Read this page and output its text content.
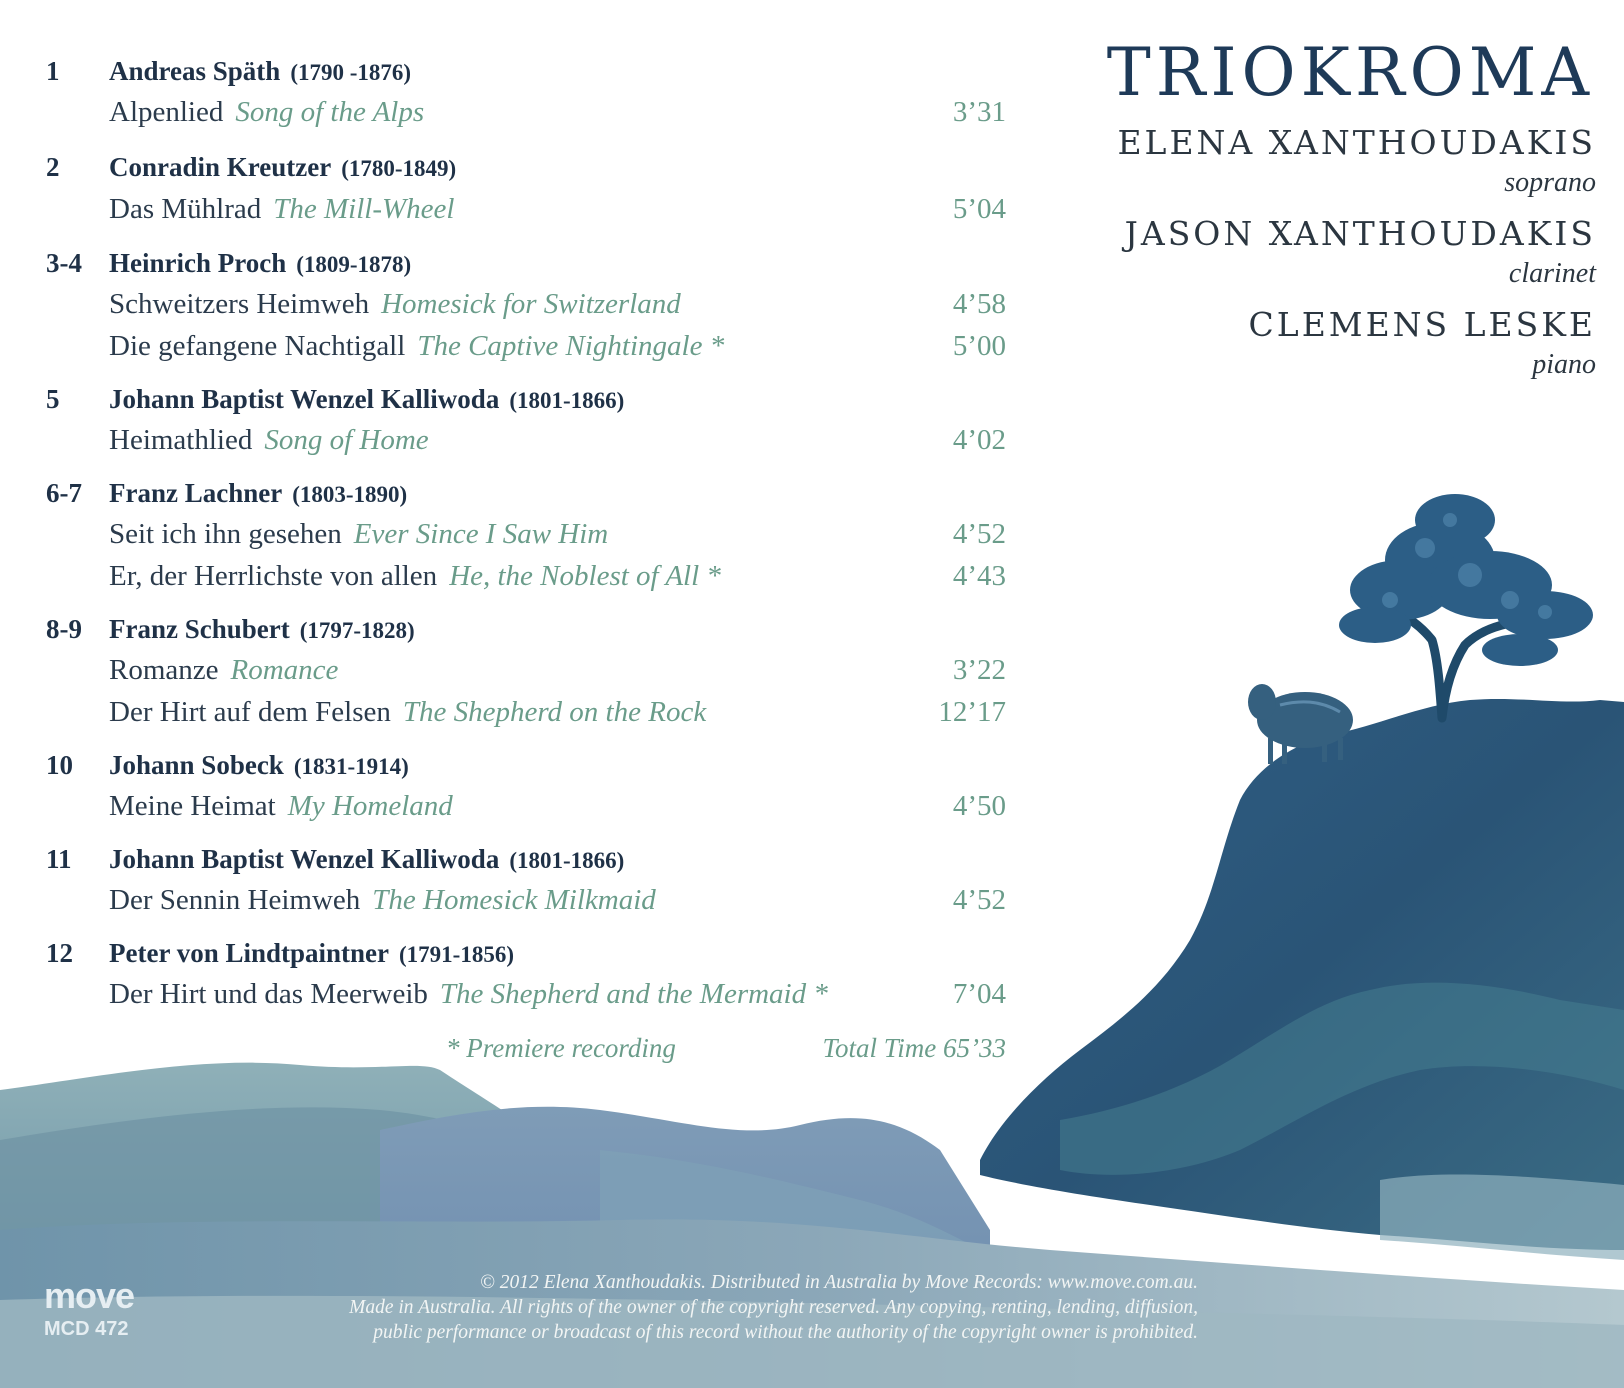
1 Andreas Späth (1790 -1876)
Alpenlied Song of the Alps	3’31
2 Conradin Kreutzer (1780-1849)
Das Mühlrad The Mill-Wheel	5’04
3-4 Heinrich Proch (1809-1878)
Schweitzers Heimweh Homesick for Switzerland	4’58
Die gefangene Nachtigall The Captive Nightingale *	5’00
5 Johann Baptist Wenzel Kalliwoda (1801-1866)
Heimathlied Song of Home	4’02
6-7 Franz Lachner (1803-1890)
Seit ich ihn gesehen Ever Since I Saw Him	4’52
Er, der Herrlichste von allen He, the Noblest of All *	4’43
8-9 Franz Schubert (1797-1828)
Romanze Romance	3’22
Der Hirt auf dem Felsen The Shepherd on the Rock	12’17
10 Johann Sobeck (1831-1914)
Meine Heimat My Homeland	4’50
11 Johann Baptist Wenzel Kalliwoda (1801-1866)
Der Sennin Heimweh The Homesick Milkmaid	4’52
12 Peter von Lindtpaintner (1791-1856)
Der Hirt und das Meerweib The Shepherd and the Mermaid *	7’04
* Premiere recording	Total Time 65’33
TRIOKROMA
ELENA XANTHOUDAKIS
soprano
JASON XANTHOUDAKIS
clarinet
CLEMENS LESKE
piano
move
MCD 472
© 2012 Elena Xanthoudakis. Distributed in Australia by Move Records: www.move.com.au.
Made in Australia. All rights of the owner of the copyright reserved. Any copying, renting, lending, diffusion,
public performance or broadcast of this record without the authority of the copyright owner is prohibited.
